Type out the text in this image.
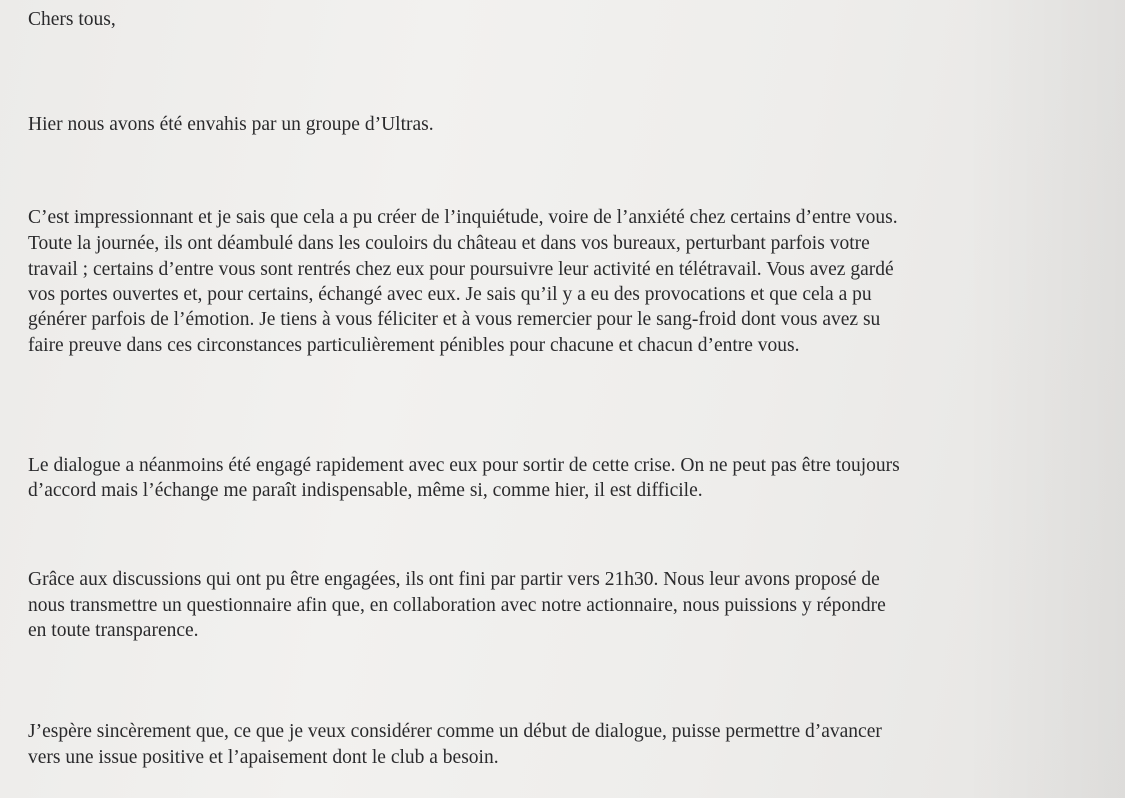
Chers tous,
Hier nous avons été envahis par un groupe d’Ultras.
C’est impressionnant et je sais que cela a pu créer de l’inquiétude, voire de l’anxiété chez certains d’entre vous.
Toute la journée, ils ont déambulé dans les couloirs du château et dans vos bureaux, perturbant parfois votre
travail ; certains d’entre vous sont rentrés chez eux pour poursuivre leur activité en télétravail. Vous avez gardé
vos portes ouvertes et, pour certains, échangé avec eux. Je sais qu’il y a eu des provocations et que cela a pu
générer parfois de l’émotion. Je tiens à vous féliciter et à vous remercier pour le sang-froid dont vous avez su
faire preuve dans ces circonstances particulièrement pénibles pour chacune et chacun d’entre vous.
Le dialogue a néanmoins été engagé rapidement avec eux pour sortir de cette crise. On ne peut pas être toujours
d’accord mais l’échange me paraît indispensable, même si, comme hier, il est difficile.
Grâce aux discussions qui ont pu être engagées, ils ont fini par partir vers 21h30. Nous leur avons proposé de
nous transmettre un questionnaire afin que, en collaboration avec notre actionnaire, nous puissions y répondre
en toute transparence.
J’espère sincèrement que, ce que je veux considérer comme un début de dialogue, puisse permettre d’avancer
vers une issue positive et l’apaisement dont le club a besoin.
